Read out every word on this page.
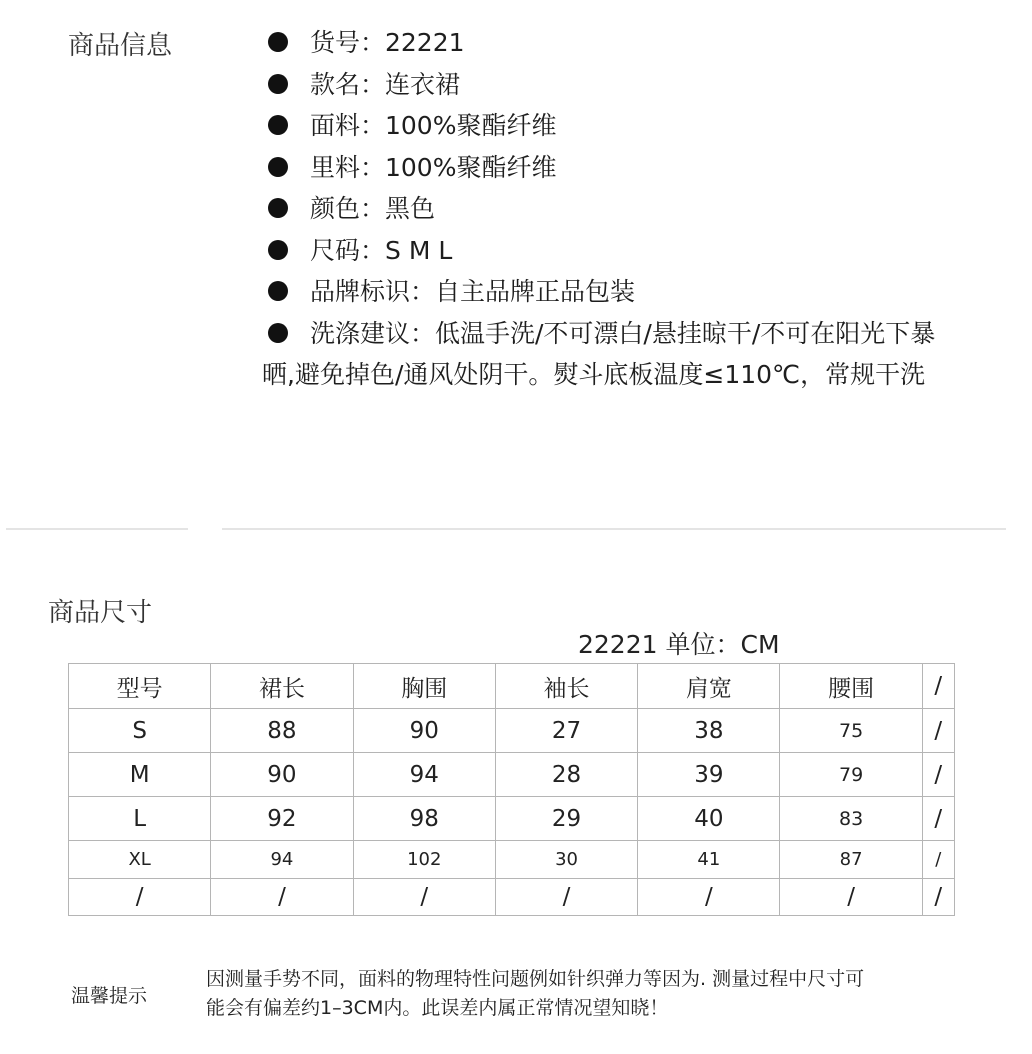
商品信息	货号：22221
款名：连衣裙
面料：100%聚酯纤维
里料：100%聚酯纤维
颜色：黑色
尺码：S M L
品牌标识：自主品牌正品包装
洗涤建议：低温手洗/不可漂白/悬挂晾干/不可在阳光下暴
晒,避免掉色/通风处阴干。熨斗底板温度≤110℃，常规干洗
商品尺寸
22221 单位：CM
型号	裙长	胸围	袖长	肩宽	腰围	/
S	88	90	27	38	75	/
M	90	94	28	39	79	/
L	92	98	29	40	83	/
XL	94	102	30	41	87	/
/	/	/	/	/	/	/
温馨提示
因测量手势不同，面料的物理特性问题例如针织弹力等因为. 测量过程中尺寸可
能会有偏差约1–3CM内。此误差内属正常情况望知晓！
